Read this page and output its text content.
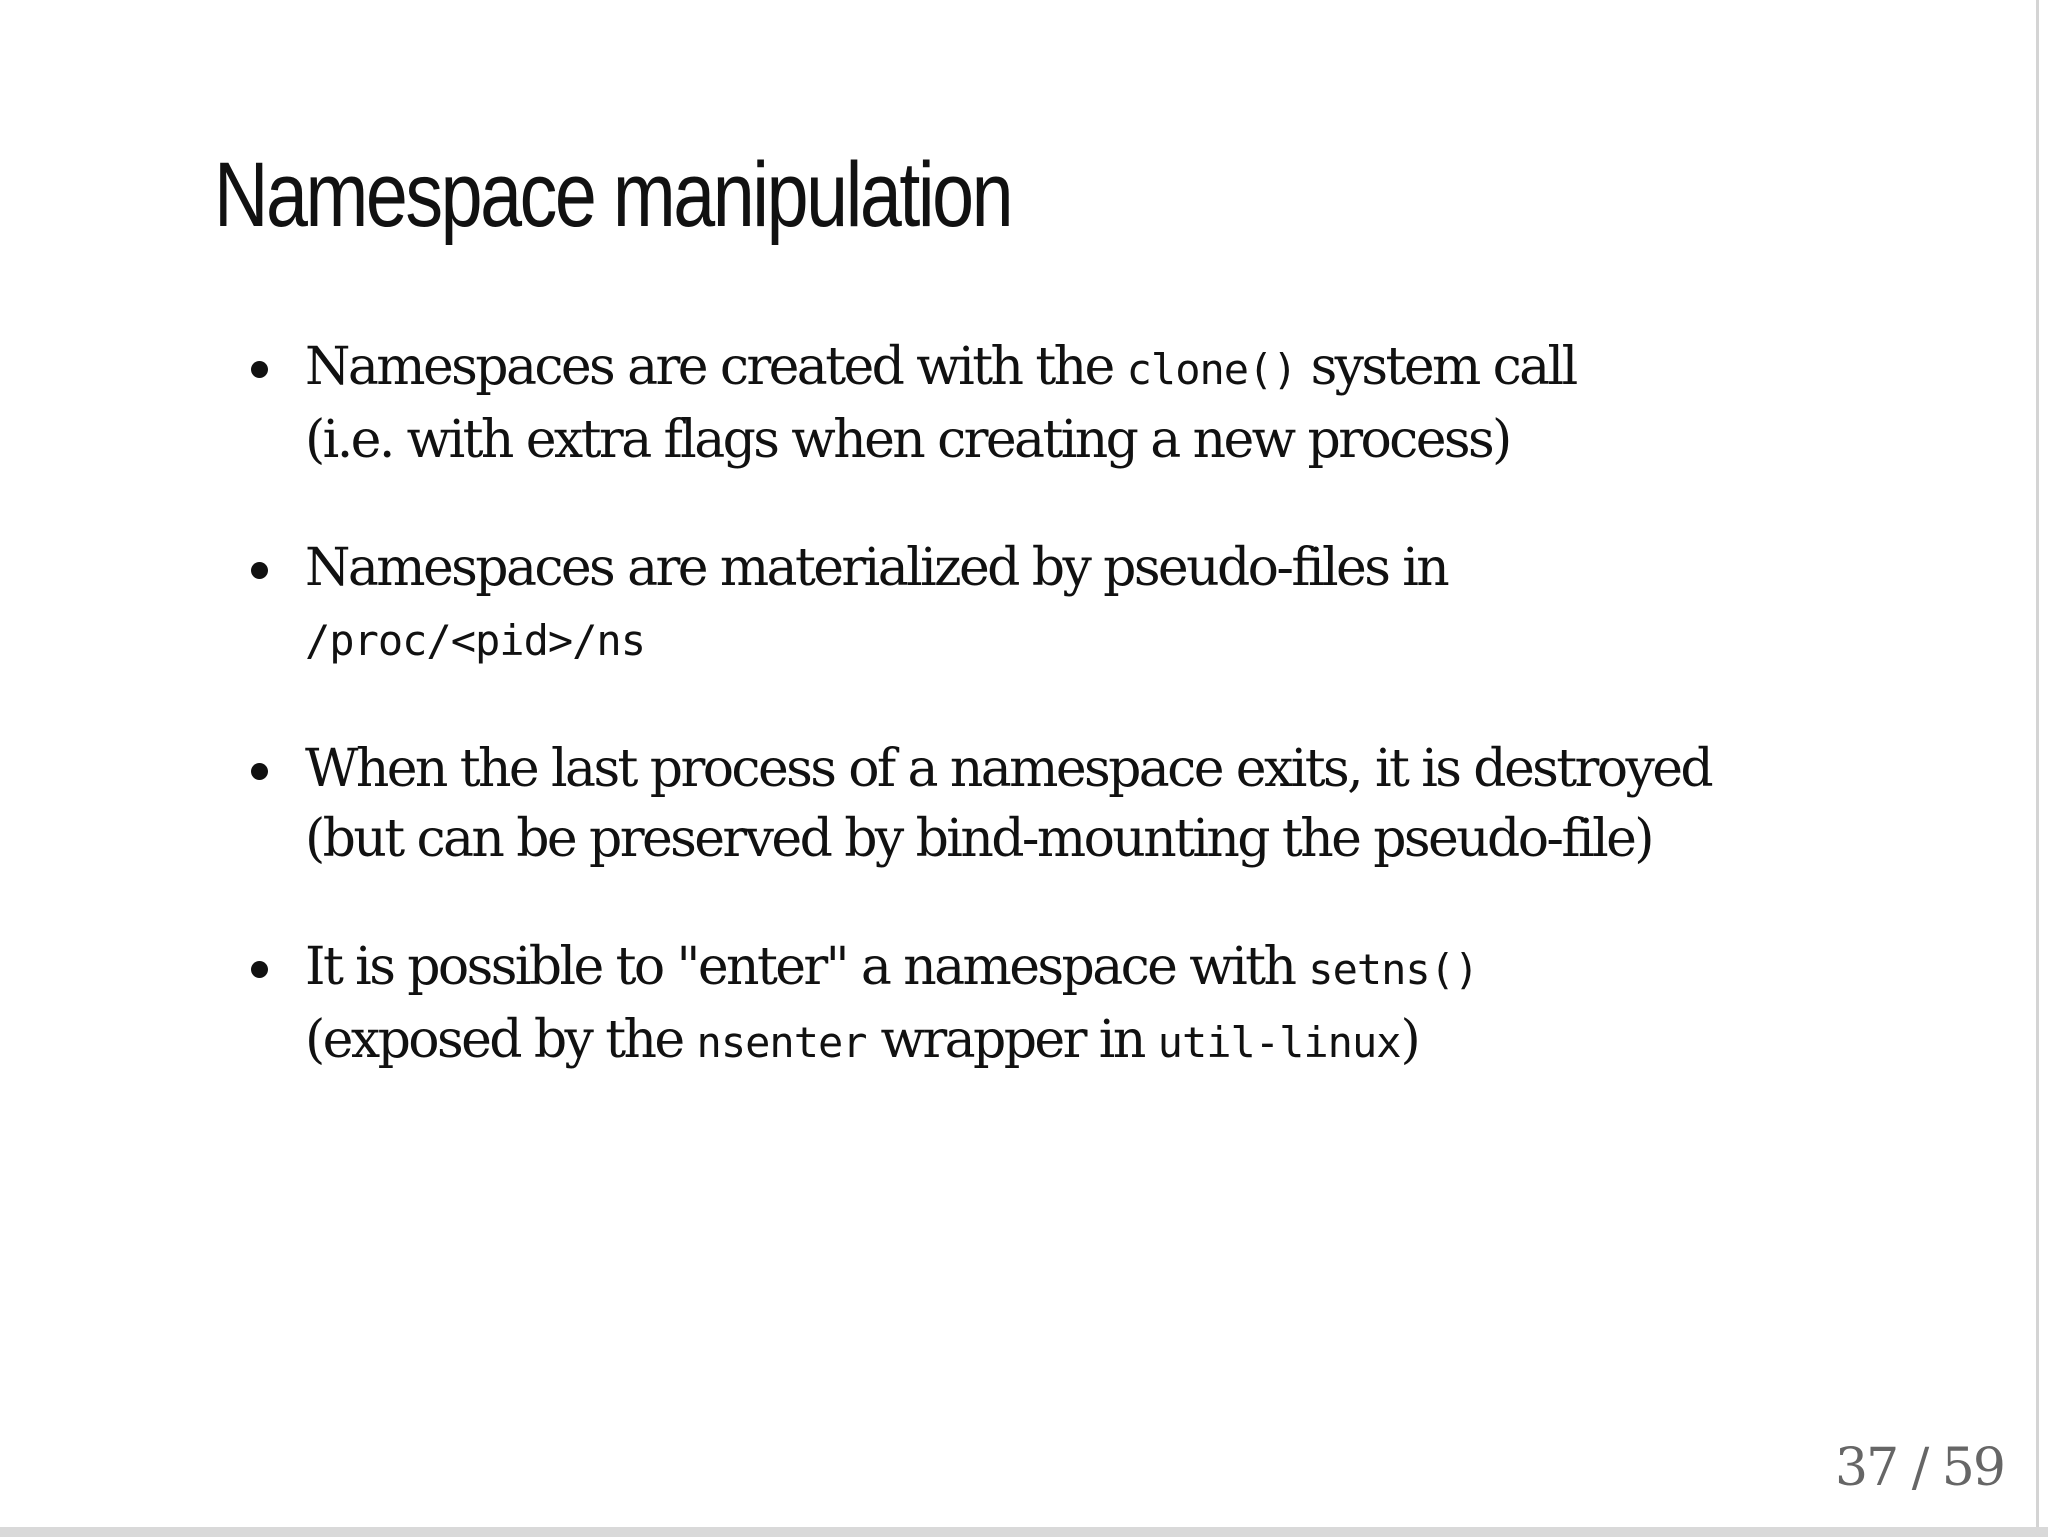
Namespace manipulation
Namespaces are created with the clone() system call
(i.e. with extra flags when creating a new process)
Namespaces are materialized by pseudo-files in
/proc/<pid>/ns
When the last process of a namespace exits, it is destroyed
(but can be preserved by bind-mounting the pseudo-file)
It is possible to "enter" a namespace with setns()
(exposed by the nsenter wrapper in util-linux)
37 / 59
